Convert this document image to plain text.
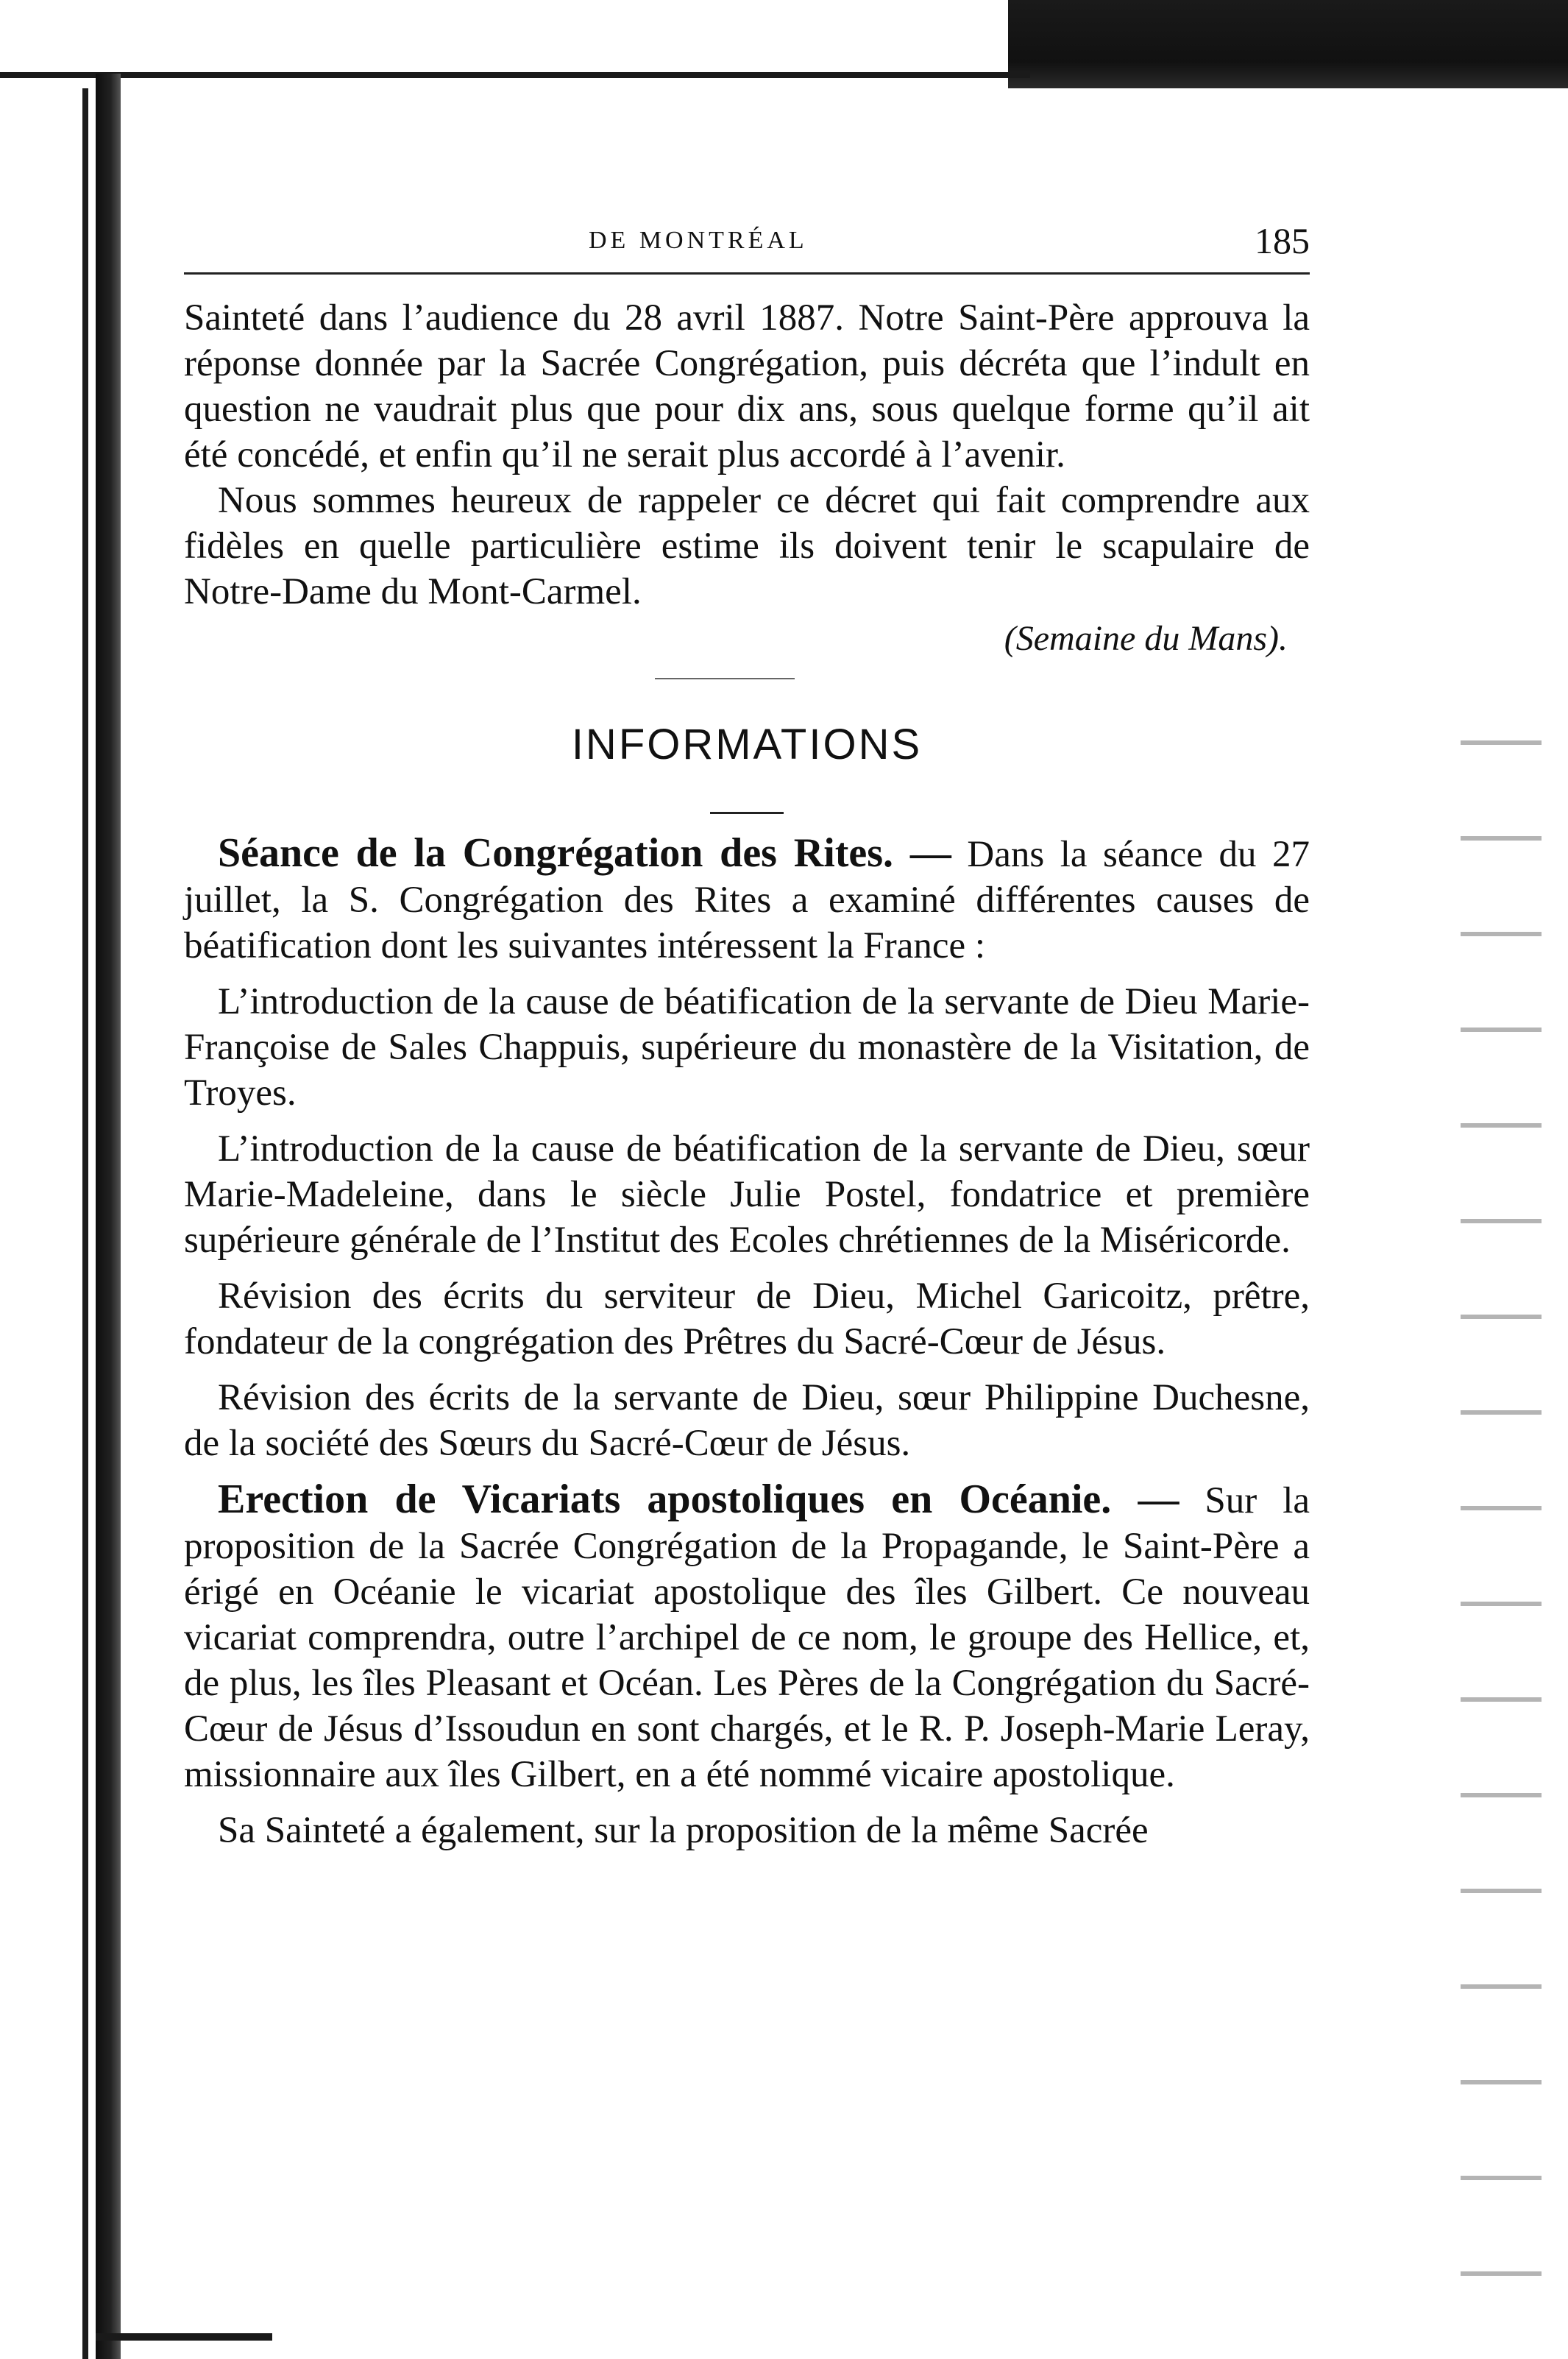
DE MONTRÉAL	185

Sainteté dans l’audience du 28 avril 1887. Notre Saint-Père approuva la réponse donnée par la Sacrée Congrégation, puis décréta que l’indult en question ne vaudrait plus que pour dix ans, sous quelque forme qu’il ait été concédé, et enfin qu’il ne serait plus accordé à l’avenir.

Nous sommes heureux de rappeler ce décret qui fait comprendre aux fidèles en quelle particulière estime ils doivent tenir le scapulaire de Notre-Dame du Mont-Carmel.

(Semaine du Mans).
INFORMATIONS

Séance de la Congrégation des Rites. — Dans la séance du 27 juillet, la S. Congrégation des Rites a examiné différentes causes de béatification dont les suivantes intéressent la France :

L’introduction de la cause de béatification de la servante de Dieu Marie-Françoise de Sales Chappuis, supérieure du monastère de la Visitation, de Troyes.

L’introduction de la cause de béatification de la servante de Dieu, sœur Marie-Madeleine, dans le siècle Julie Postel, fondatrice et première supérieure générale de l’Institut des Ecoles chrétiennes de la Miséricorde.

Révision des écrits du serviteur de Dieu, Michel Garicoitz, prêtre, fondateur de la congrégation des Prêtres du Sacré-Cœur de Jésus.

Révision des écrits de la servante de Dieu, sœur Philippine Duchesne, de la société des Sœurs du Sacré-Cœur de Jésus.

Erection de Vicariats apostoliques en Océanie. — Sur la proposition de la Sacrée Congrégation de la Propagande, le Saint-Père a érigé en Océanie le vicariat apostolique des îles Gilbert. Ce nouveau vicariat comprendra, outre l’archipel de ce nom, le groupe des Hellice, et, de plus, les îles Pleasant et Océan. Les Pères de la Congrégation du Sacré-Cœur de Jésus d’Issoudun en sont chargés, et le R. P. Joseph-Marie Leray, missionnaire aux îles Gilbert, en a été nommé vicaire apostolique.

Sa Sainteté a également, sur la proposition de la même Sacrée
